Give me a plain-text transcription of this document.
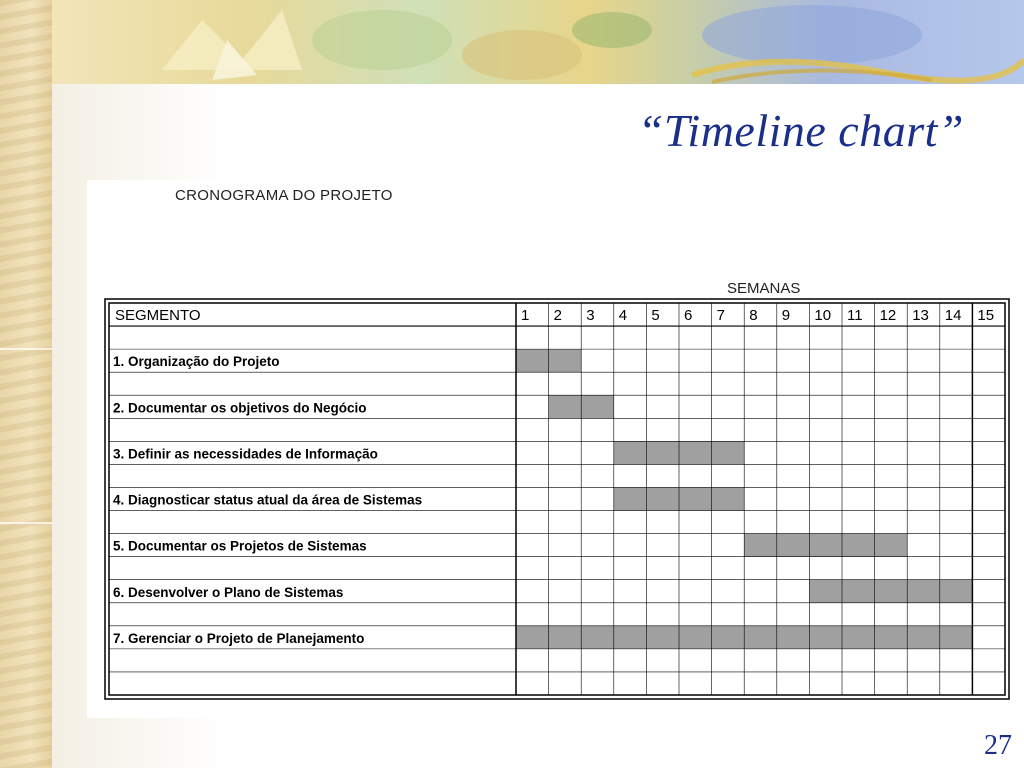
“Timeline chart”
CRONOGRAMA DO PROJETO
SEMANAS
SEGMENTO	1 2 3 4 5 6 7 8 9 10 11 12 13 14 15
1. Organização do Projeto
2. Documentar os objetivos do Negócio
3. Definir as necessidades de Informação
4. Diagnosticar status atual da área de Sistemas
5. Documentar os Projetos de Sistemas
6. Desenvolver o Plano de Sistemas
7. Gerenciar o Projeto de Planejamento
27
